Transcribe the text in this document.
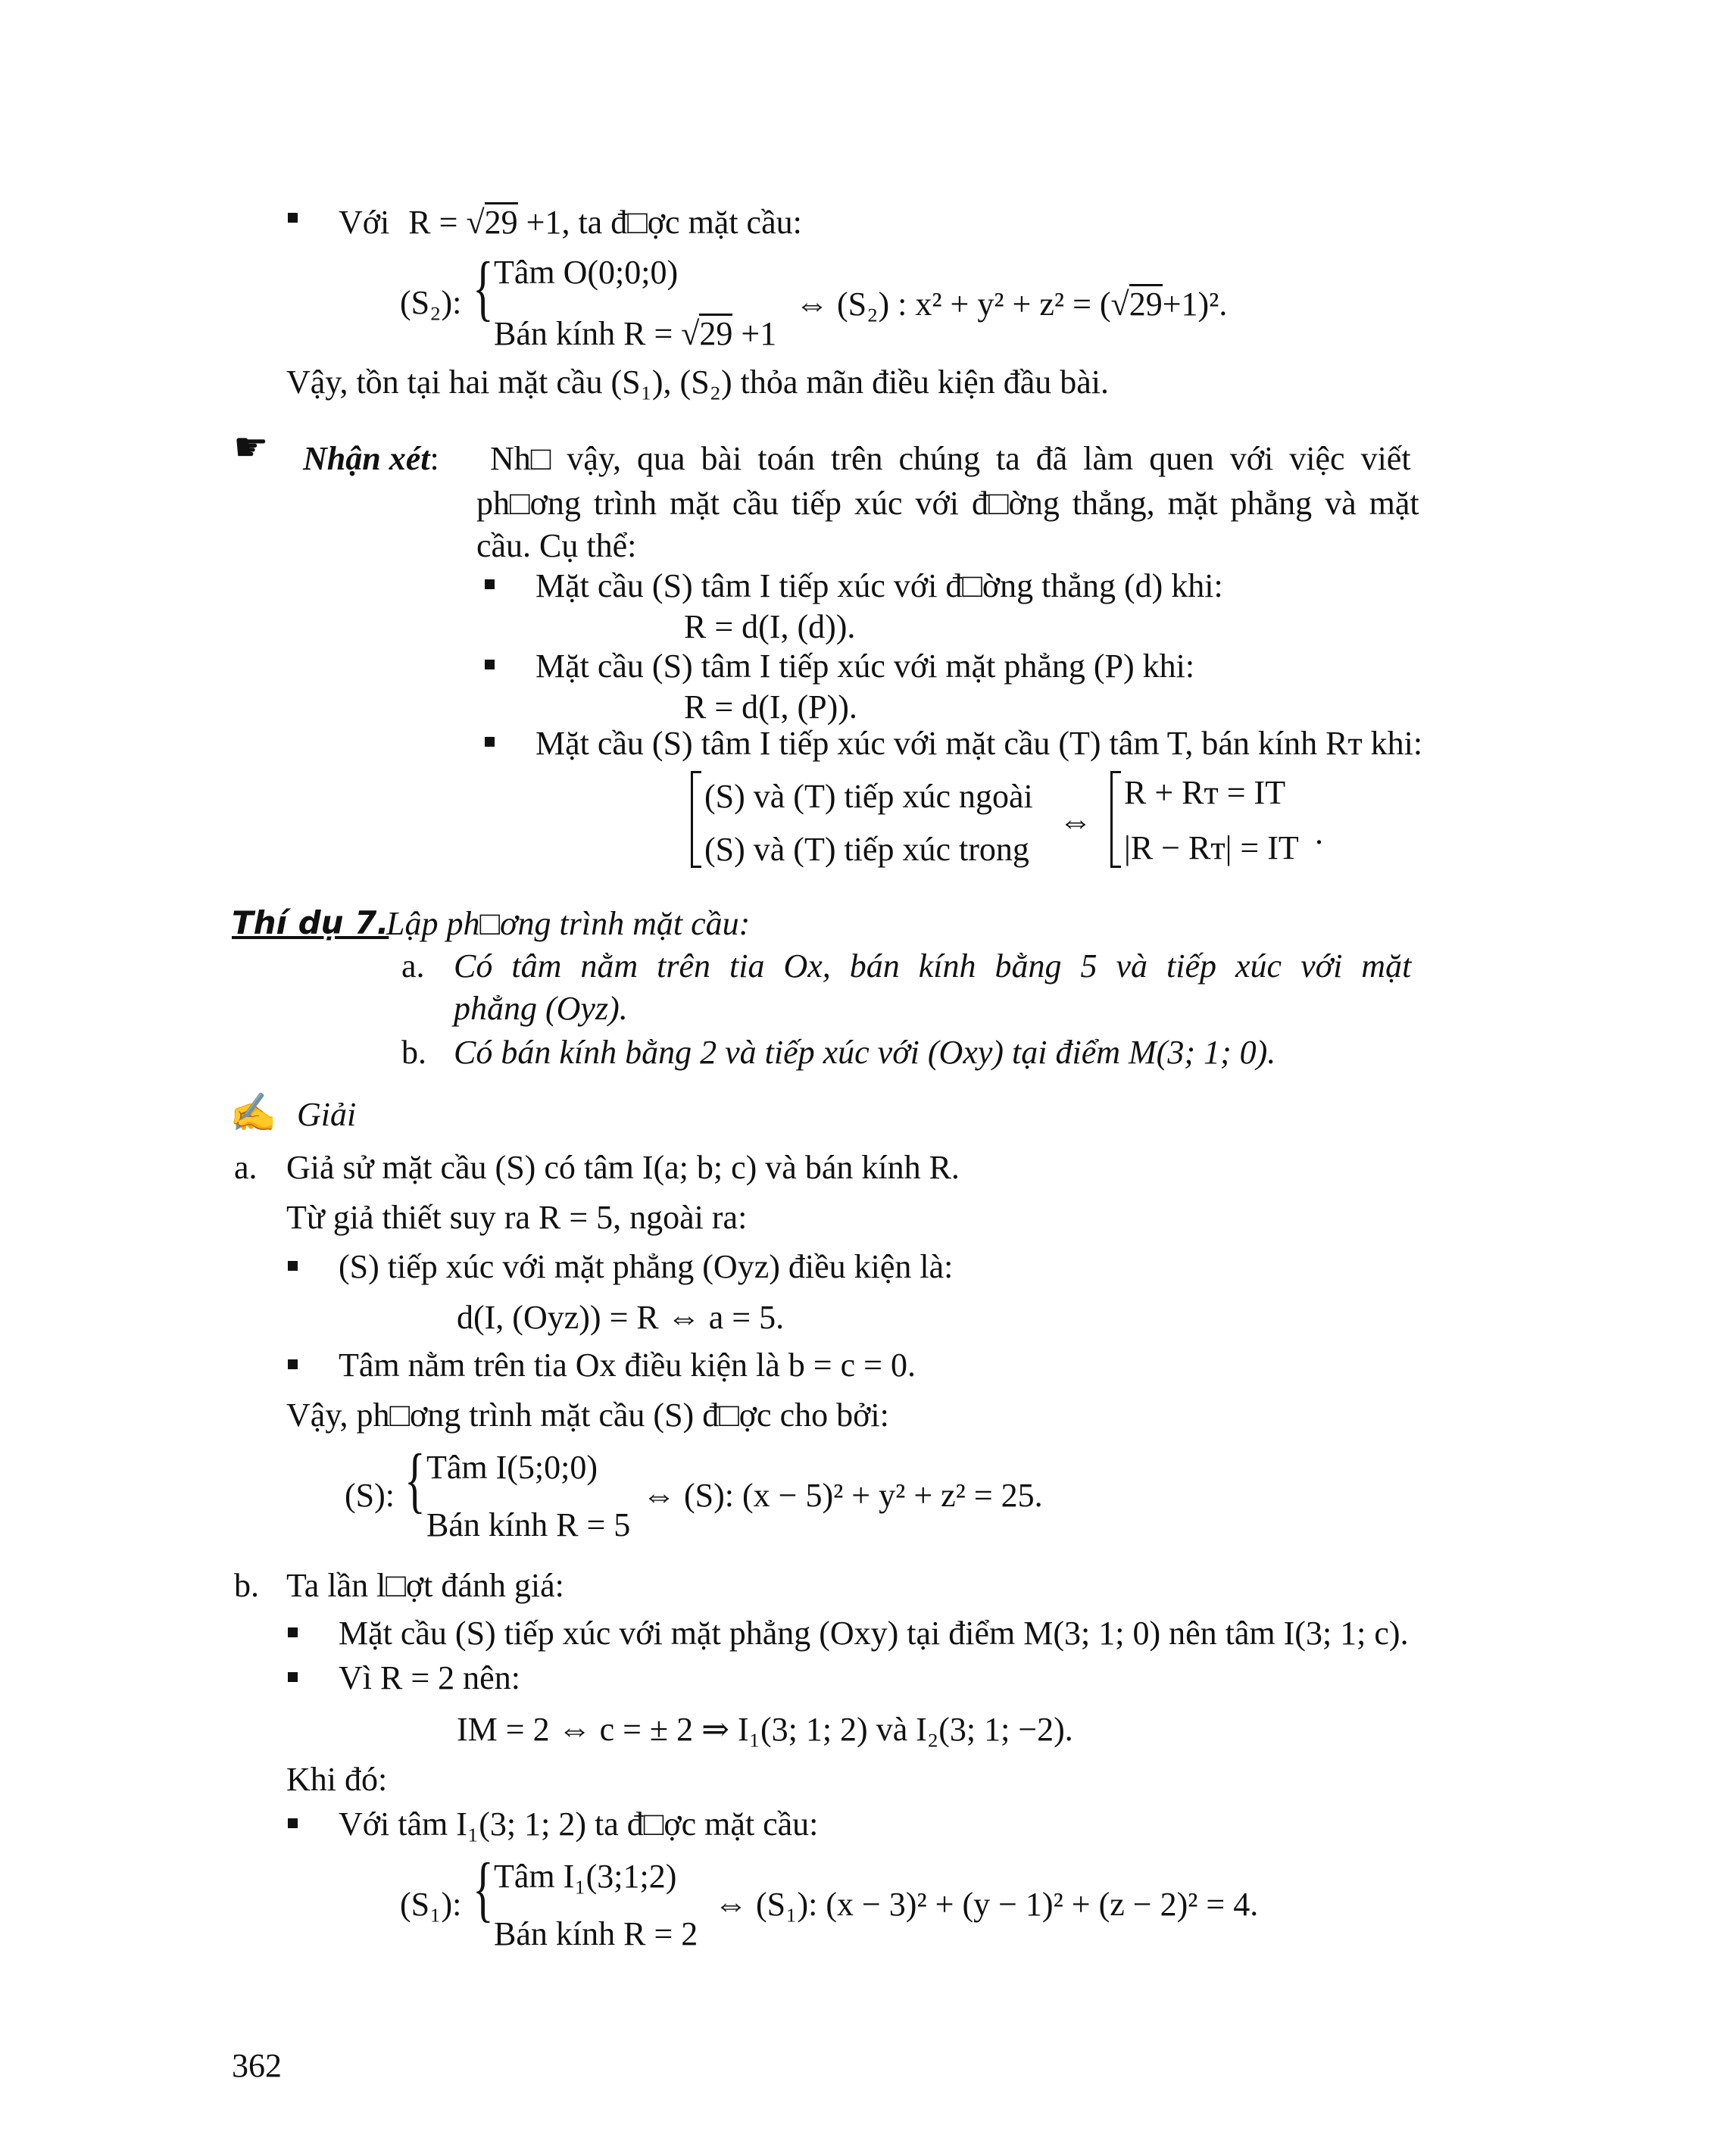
Với R = √29 +1, ta đ□ợc mặt cầu:
(S₂): { Tâm O(0;0;0)
Bán kính R = √29 +1
⇔ (S₂) : x² + y² + z² = (√29+1)².
Vậy, tồn tại hai mặt cầu (S₁), (S₂) thỏa mãn điều kiện đầu bài.
☛ Nhận xét: Nh□ vậy, qua bài toán trên chúng ta đã làm quen với việc viết
ph□ơng trình mặt cầu tiếp xúc với đ□ờng thẳng, mặt phẳng và mặt
cầu. Cụ thể:
Mặt cầu (S) tâm I tiếp xúc với đ□ờng thẳng (d) khi:
R = d(I, (d)).
Mặt cầu (S) tâm I tiếp xúc với mặt phẳng (P) khi:
R = d(I, (P)).
Mặt cầu (S) tâm I tiếp xúc với mặt cầu (T) tâm T, bán kính Rᴛ khi:
(S) và (T) tiếp xúc ngoài
(S) và (T) tiếp xúc trong
⇔
R + Rᴛ = IT
|R − Rᴛ| = IT .
Thí dụ 7.
Lập ph□ơng trình mặt cầu:
a. Có tâm nằm trên tia Ox, bán kính bằng 5 và tiếp xúc với mặt
phẳng (Oyz).
b. Có bán kính bằng 2 và tiếp xúc với (Oxy) tại điểm M(3; 1; 0).
✍ Giải
a. Giả sử mặt cầu (S) có tâm I(a; b; c) và bán kính R.
Từ giả thiết suy ra R = 5, ngoài ra:
(S) tiếp xúc với mặt phẳng (Oyz) điều kiện là:
d(I, (Oyz)) = R ⇔ a = 5.
Tâm nằm trên tia Ox điều kiện là b = c = 0.
Vậy, ph□ơng trình mặt cầu (S) đ□ợc cho bởi:
(S): { Tâm I(5;0;0)
Bán kính R = 5
⇔ (S): (x − 5)² + y² + z² = 25.
b. Ta lần l□ợt đánh giá:
Mặt cầu (S) tiếp xúc với mặt phẳng (Oxy) tại điểm M(3; 1; 0) nên tâm I(3; 1; c).
Vì R = 2 nên:
IM = 2 ⇔ c = ± 2 ⇒ I₁(3; 1; 2) và I₂(3; 1; −2).
Khi đó:
Với tâm I₁(3; 1; 2) ta đ□ợc mặt cầu:
(S₁): { Tâm I₁(3;1;2)
Bán kính R = 2
⇔ (S₁): (x − 3)² + (y − 1)² + (z − 2)² = 4.
362
